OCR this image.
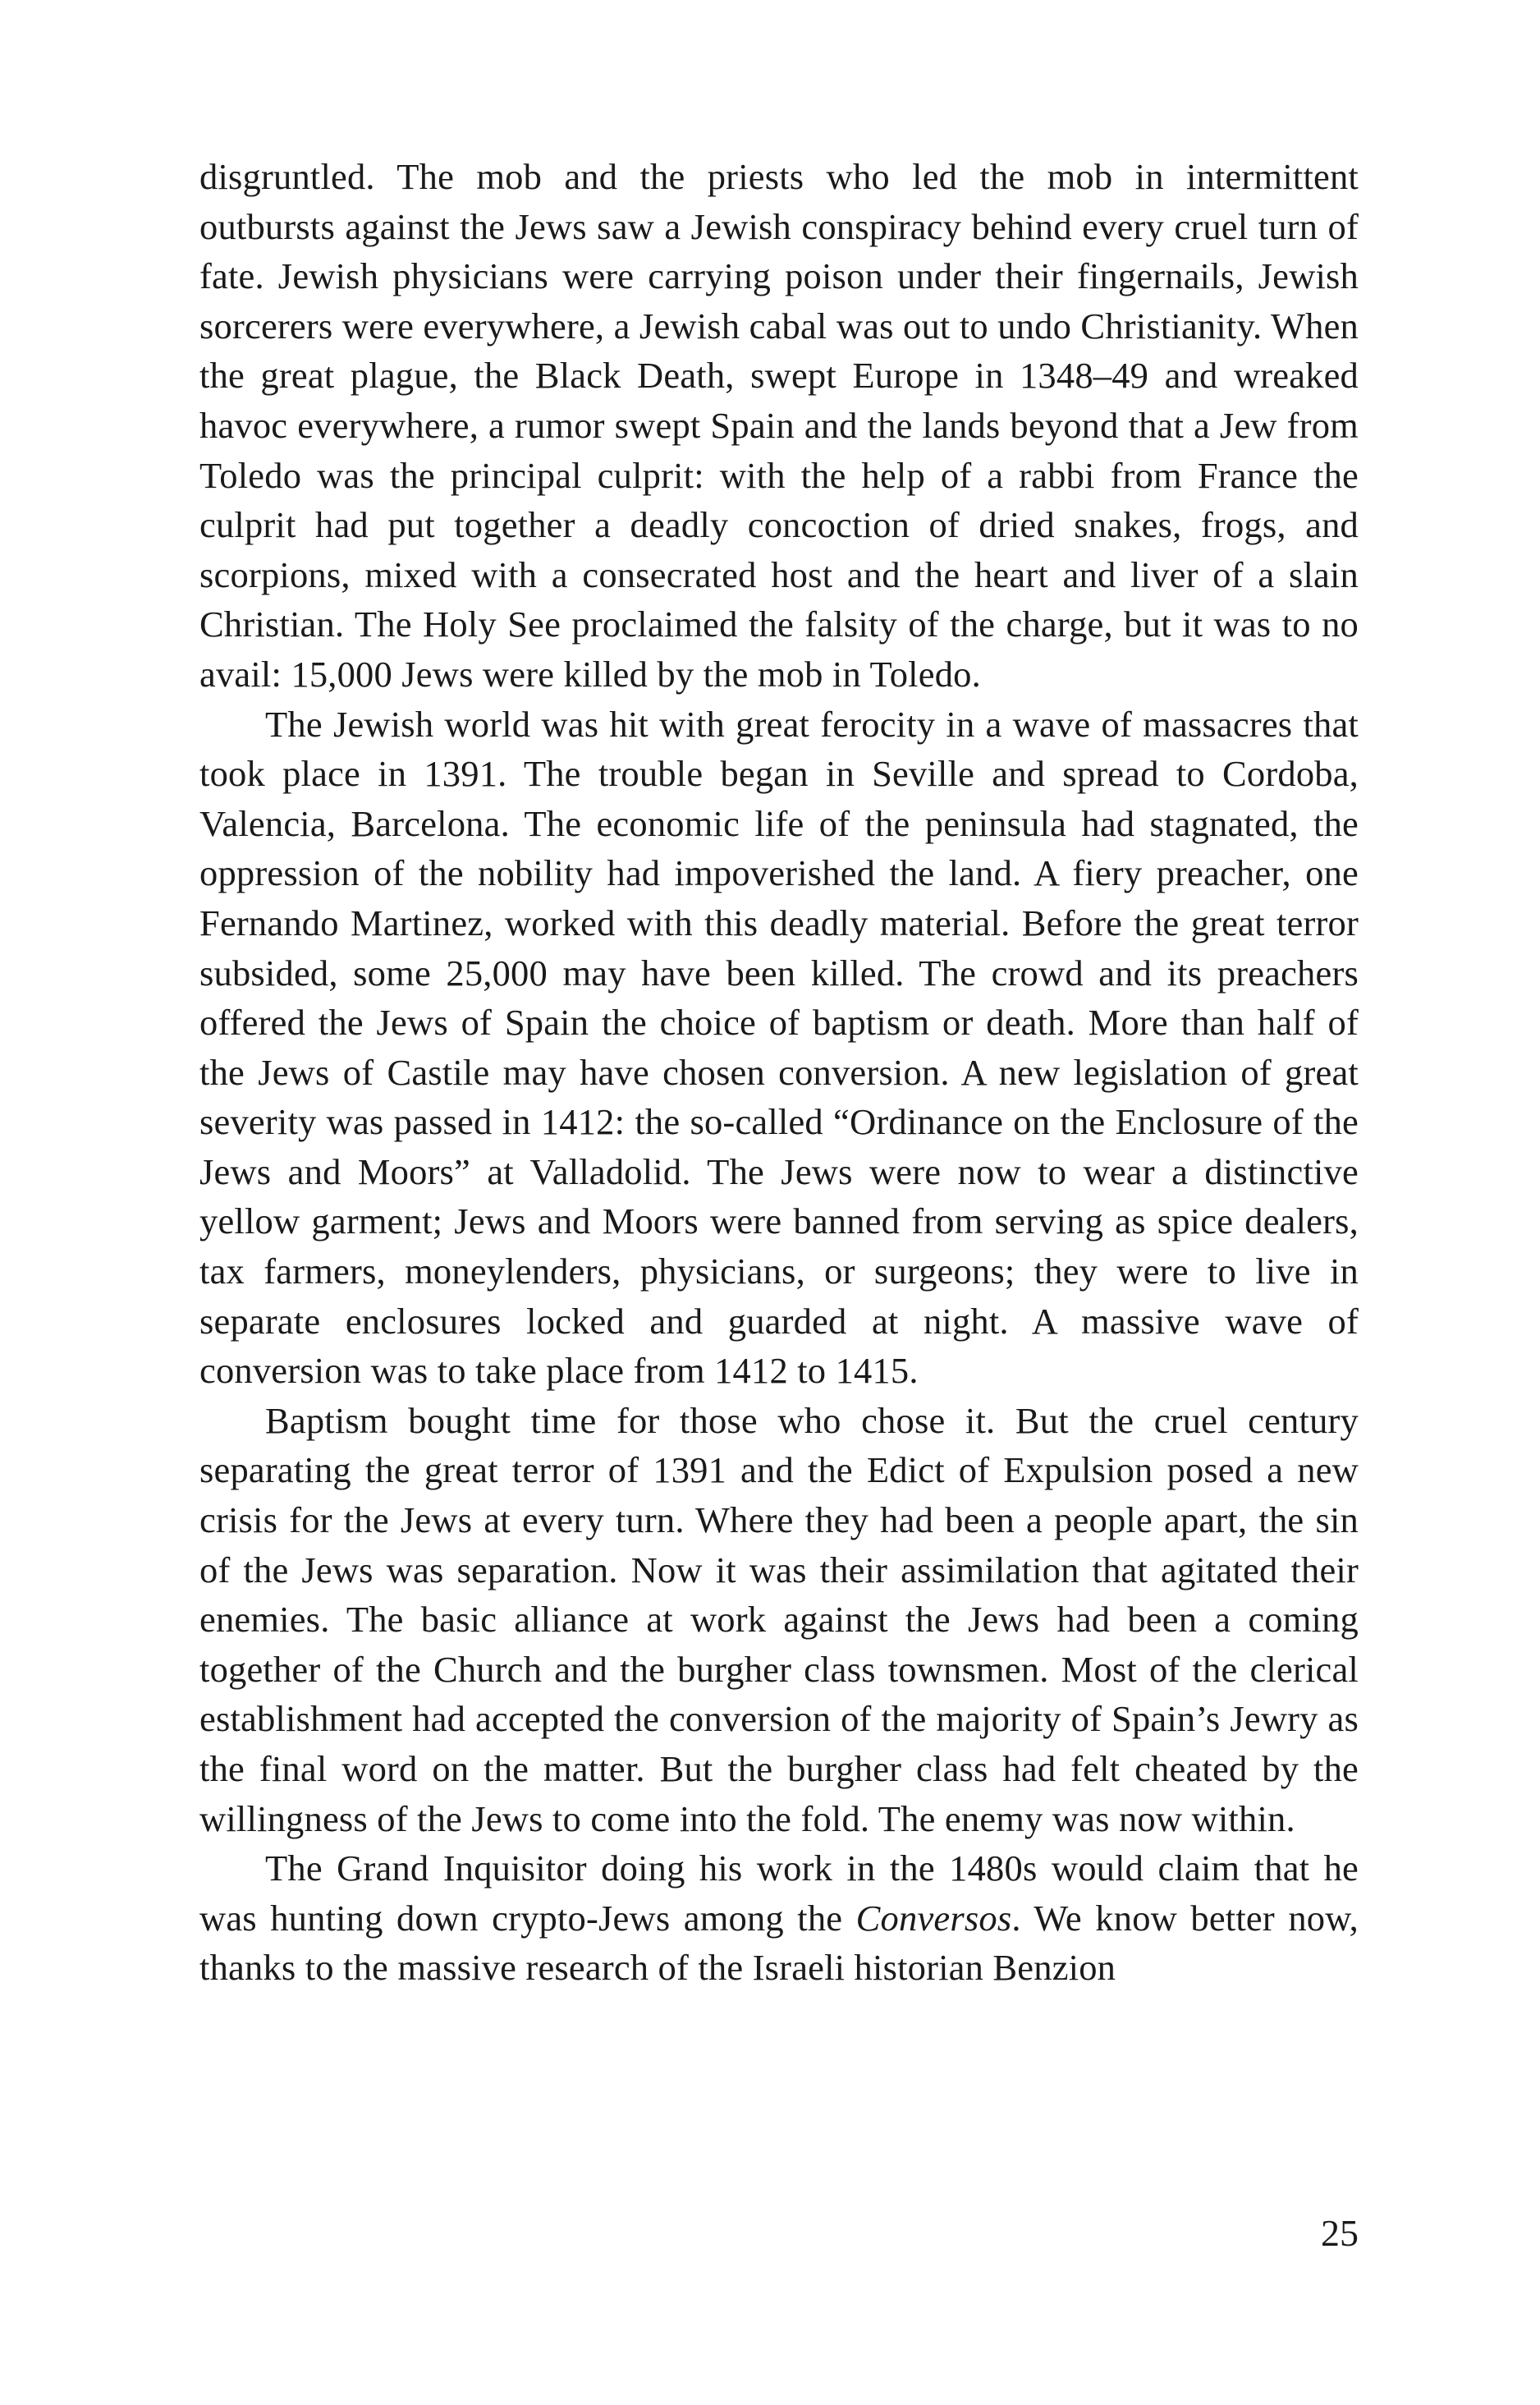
disgruntled. The mob and the priests who led the mob in intermittent outbursts against the Jews saw a Jewish conspiracy behind every cruel turn of fate. Jewish physicians were carrying poison under their fingernails, Jewish sorcerers were everywhere, a Jewish cabal was out to undo Christianity. When the great plague, the Black Death, swept Europe in 1348–49 and wreaked havoc everywhere, a rumor swept Spain and the lands beyond that a Jew from Toledo was the principal culprit: with the help of a rabbi from France the culprit had put together a deadly concoction of dried snakes, frogs, and scorpions, mixed with a consecrated host and the heart and liver of a slain Christian. The Holy See proclaimed the falsity of the charge, but it was to no avail: 15,000 Jews were killed by the mob in Toledo.

The Jewish world was hit with great ferocity in a wave of massacres that took place in 1391. The trouble began in Seville and spread to Cordoba, Valencia, Barcelona. The economic life of the peninsula had stagnated, the oppression of the nobility had impoverished the land. A fiery preacher, one Fernando Martinez, worked with this deadly material. Before the great terror subsided, some 25,000 may have been killed. The crowd and its preachers offered the Jews of Spain the choice of baptism or death. More than half of the Jews of Castile may have chosen conversion. A new legislation of great severity was passed in 1412: the so-called “Ordinance on the Enclosure of the Jews and Moors” at Valladolid. The Jews were now to wear a distinctive yellow garment; Jews and Moors were banned from serving as spice dealers, tax farmers, moneylenders, physicians, or surgeons; they were to live in separate enclosures locked and guarded at night. A massive wave of conversion was to take place from 1412 to 1415.

Baptism bought time for those who chose it. But the cruel century separating the great terror of 1391 and the Edict of Expulsion posed a new crisis for the Jews at every turn. Where they had been a people apart, the sin of the Jews was separation. Now it was their assimilation that agitated their enemies. The basic alliance at work against the Jews had been a coming together of the Church and the burgher class townsmen. Most of the clerical establishment had accepted the conversion of the majority of Spain’s Jewry as the final word on the matter. But the burgher class had felt cheated by the willingness of the Jews to come into the fold. The enemy was now within.

The Grand Inquisitor doing his work in the 1480s would claim that he was hunting down crypto-Jews among the Conversos. We know better now, thanks to the massive research of the Israeli historian Benzion

25
